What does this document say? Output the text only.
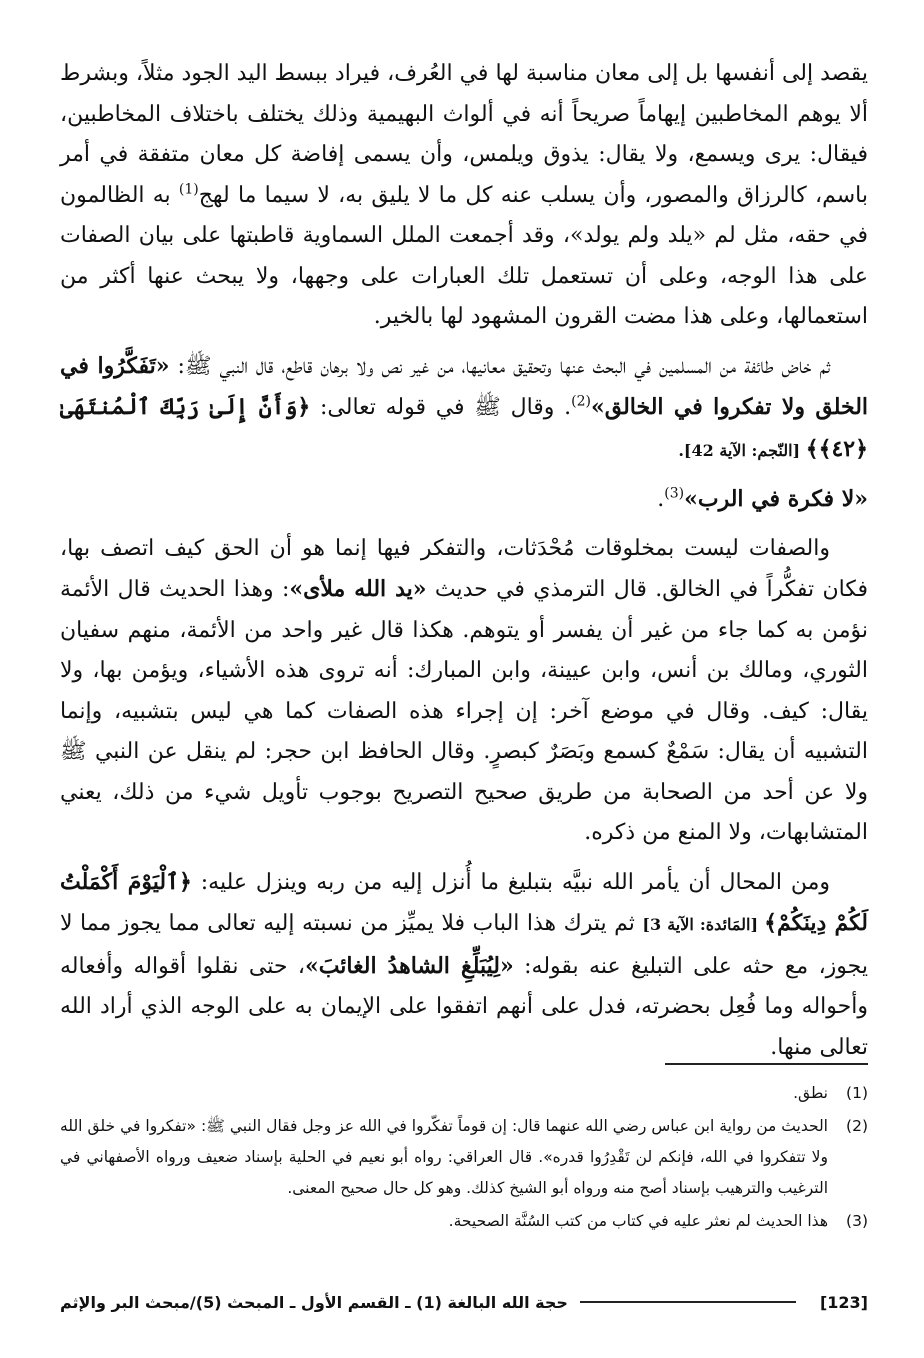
يقصد إلى أنفسها بل إلى معان مناسبة لها في العُرف، فيراد ببسط اليد الجود مثلاً، وبشرط ألا يوهم المخاطبين إيهاماً صريحاً أنه في ألواث البهيمية وذلك يختلف باختلاف المخاطبين، فيقال: يرى ويسمع، ولا يقال: يذوق ويلمس، وأن يسمى إفاضة كل معان متفقة في أمر باسم، كالرزاق والمصور، وأن يسلب عنه كل ما لا يليق به، لا سيما ما لهج$^{(1)}$ به الظالمون في حقه، مثل لم «يلد ولم يولد»، وقد أجمعت الملل السماوية قاطبتها على بيان الصفات على هذا الوجه، وعلى أن تستعمل تلك العبارات على وجهها، ولا يبحث عنها أكثر من استعمالها، وعلى هذا مضت القرون المشهود لها بالخير.

ثم خاض طائفة من المسلمين في البحث عنها وتحقيق معانيها، من غير نص ولا برهان قاطع، قال النبي ﷺ: «تَفَكَّرُوا في الخلق ولا تفكروا في الخالق»$^{(2)}$. وقال ﷺ في قوله تعالى: ﴿وَأَنَّ إِلَىٰ رَبِّكَ ٱلْمُنتَهَىٰ ﴿٤٢﴾﴾ [النّجم: الآية 42].

«لا فكرة في الرب»$^{(3)}$.

والصفات ليست بمخلوقات مُحْدَثات، والتفكر فيها إنما هو أن الحق كيف اتصف بها، فكان تفكُّراً في الخالق. قال الترمذي في حديث «يد الله ملأى»: وهذا الحديث قال الأئمة نؤمن به كما جاء من غير أن يفسر أو يتوهم. هكذا قال غير واحد من الأئمة، منهم سفيان الثوري، ومالك بن أنس، وابن عيينة، وابن المبارك: أنه تروى هذه الأشياء، ويؤمن بها، ولا يقال: كيف. وقال في موضع آخر: إن إجراء هذه الصفات كما هي ليس بتشبيه، وإنما التشبيه أن يقال: سَمْعٌ كسمع وبَصَرٌ كبصرٍ. وقال الحافظ ابن حجر: لم ينقل عن النبي ﷺ ولا عن أحد من الصحابة من طريق صحيح التصريح بوجوب تأويل شيء من ذلك، يعني المتشابهات، ولا المنع من ذكره.

ومن المحال أن يأمر الله نبيَّه بتبليغ ما أُنزل إليه من ربه وينزل عليه: ﴿ٱلْيَوْمَ أَكْمَلْتُ لَكُمْ دِينَكُمْ﴾ [المَائدة: الآية 3] ثم يترك هذا الباب فلا يميِّز من نسبته إليه تعالى مما يجوز مما لا يجوز، مع حثه على التبليغ عنه بقوله: «لِيُبَلِّغِ الشاهدُ الغائبَ»، حتى نقلوا أقواله وأفعاله وأحواله وما فُعِل بحضرته، فدل على أنهم اتفقوا على الإيمان به على الوجه الذي أراد الله تعالى منها.

(1)
نطق.
(2)
الحديث من رواية ابن عباس رضي الله عنهما قال: إن قوماً تفكّروا في الله عز وجل فقال النبي ﷺ: «تفكروا في خلق الله ولا تتفكروا في الله، فإنكم لن تَقْدِرُوا قدره». قال العراقي: رواه أبو نعيم في الحلية بإسناد ضعيف ورواه الأصفهاني في الترغيب والترهيب بإسناد أصح منه ورواه أبو الشيخ كذلك. وهو كل حال صحيح المعنى.
(3)
هذا الحديث لم نعثر عليه في كتاب من كتب السُنَّة الصحيحة.
[123]
حجة الله البالغة (1) ـ القسم الأول ـ المبحث (5)/مبحث البر والإثم
